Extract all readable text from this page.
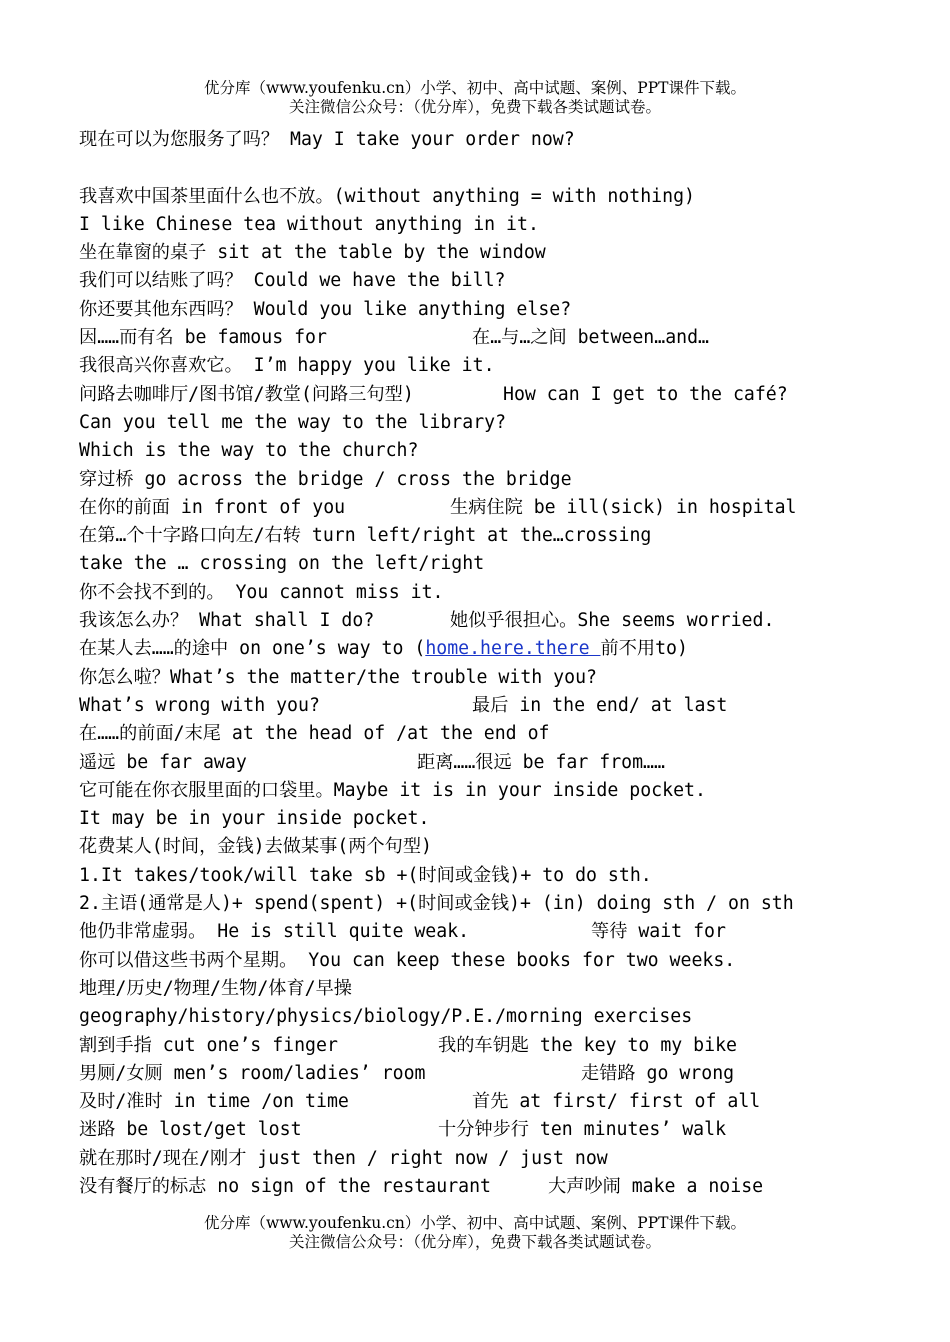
优分库（www.youfenku.cn）小学、初中、高中试题、案例、PPT课件下载。
关注微信公众号：（优分库），免费下载各类试题试卷。
现在可以为您服务了吗？ May I take your order now?
我喜欢中国茶里面什么也不放。(without anything = with nothing)
I like Chinese tea without anything in it.
坐在靠窗的桌子 sit at the table by the window
我们可以结账了吗？ Could we have the bill?
你还要其他东西吗？ Would you like anything else?
因……而有名 be famous for	在…与…之间 between…and…
我很高兴你喜欢它。 I’m happy you like it.
问路去咖啡厅/图书馆/教堂(问路三句型)	How can I get to the café?
Can you tell me the way to the library?
Which is the way to the church?
穿过桥 go across the bridge / cross the bridge
在你的前面 in front of you	生病住院 be ill(sick) in hospital
在第…个十字路口向左/右转 turn left/right at the…crossing
take the … crossing on the left/right
你不会找不到的。 You cannot miss it.
我该怎么办？ What shall I do?	她似乎很担心。She seems worried.
在某人去……的途中 on one’s way to (home.here.there 前不用to)
你怎么啦？What’s the matter/the trouble with you?
What’s wrong with you?	最后 in the end/ at last
在……的前面/末尾 at the head of /at the end of
遥远 be far away	距离……很远 be far from……
它可能在你衣服里面的口袋里。Maybe it is in your inside pocket.
It may be in your inside pocket.
花费某人(时间，金钱)去做某事(两个句型)
1.It takes/took/will take sb +(时间或金钱)+ to do sth.
2.主语(通常是人)+ spend(spent) +(时间或金钱)+ (in) doing sth / on sth
他仍非常虚弱。 He is still quite weak.	等待 wait for
你可以借这些书两个星期。 You can keep these books for two weeks.
地理/历史/物理/生物/体育/早操
geography/history/physics/biology/P.E./morning exercises
割到手指 cut one’s finger	我的车钥匙 the key to my bike
男厕/女厕 men’s room/ladies’ room	走错路 go wrong
及时/准时 in time /on time	首先 at first/ first of all
迷路 be lost/get lost	十分钟步行 ten minutes’ walk
就在那时/现在/刚才 just then / right now / just now
没有餐厅的标志 no sign of the restaurant	大声吵闹 make a noise
优分库（www.youfenku.cn）小学、初中、高中试题、案例、PPT课件下载。
关注微信公众号：（优分库），免费下载各类试题试卷。
